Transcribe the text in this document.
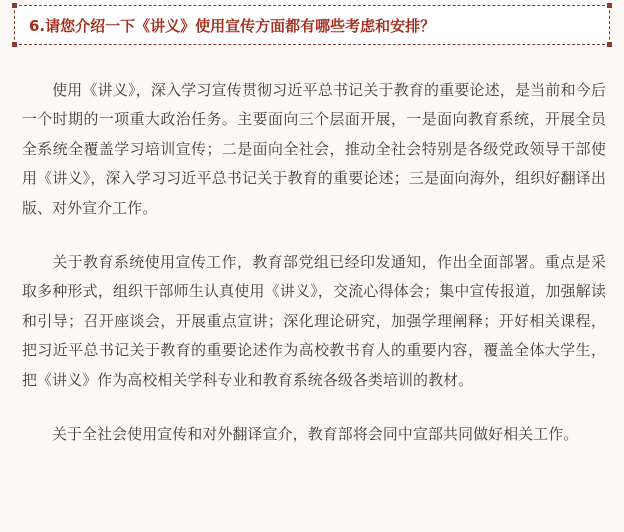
6.请您介绍一下《讲义》使用宣传方面都有哪些考虑和安排？

使用《讲义》，深入学习宣传贯彻习近平总书记关于教育的重要论述，是当前和今后一个时期的一项重大政治任务。主要面向三个层面开展，一是面向教育系统，开展全员全系统全覆盖学习培训宣传；二是面向全社会，推动全社会特别是各级党政领导干部使用《讲义》，深入学习习近平总书记关于教育的重要论述；三是面向海外，组织好翻译出版、对外宣介工作。

关于教育系统使用宣传工作，教育部党组已经印发通知，作出全面部署。重点是采取多种形式，组织干部师生认真使用《讲义》，交流心得体会；集中宣传报道，加强解读和引导；召开座谈会，开展重点宣讲；深化理论研究，加强学理阐释；开好相关课程，把习近平总书记关于教育的重要论述作为高校教书育人的重要内容，覆盖全体大学生，把《讲义》作为高校相关学科专业和教育系统各级各类培训的教材。

关于全社会使用宣传和对外翻译宣介，教育部将会同中宣部共同做好相关工作。
